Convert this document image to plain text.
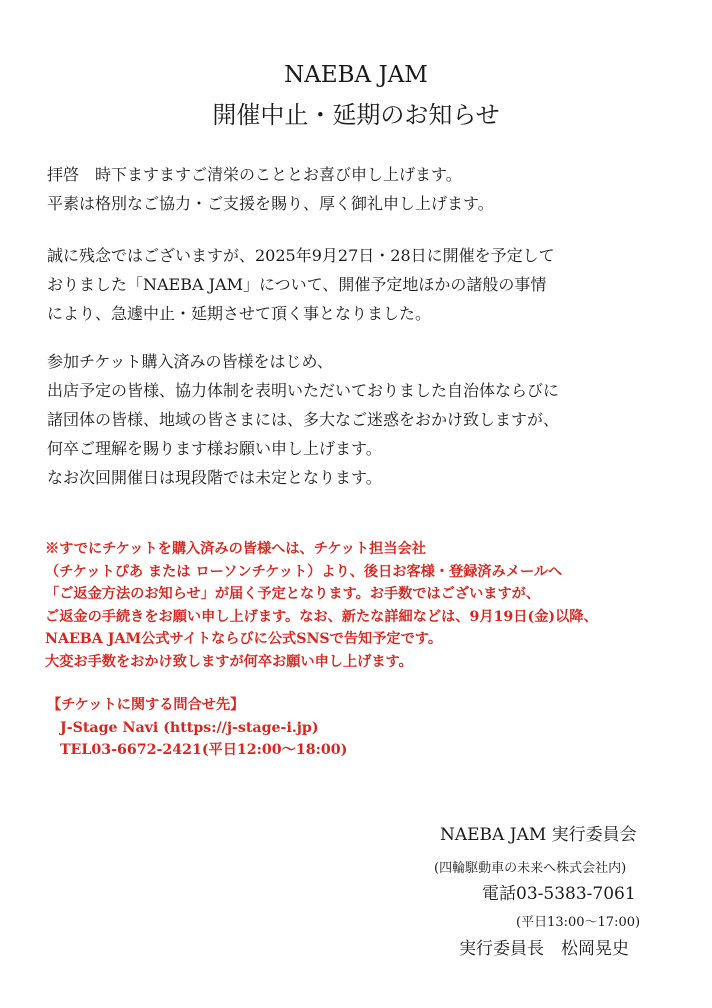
NAEBA JAM
開催中止・延期のお知らせ
拝啓　時下ますますご清栄のこととお喜び申し上げます。
平素は格別なご協力・ご支援を賜り、厚く御礼申し上げます。
誠に残念ではございますが、2025年9月27日・28日に開催を予定して
おりました「NAEBA JAM」について、開催予定地ほかの諸般の事情
により、急遽中止・延期させて頂く事となりました。
参加チケット購入済みの皆様をはじめ、
出店予定の皆様、協力体制を表明いただいておりました自治体ならびに
諸団体の皆様、地域の皆さまには、多大なご迷惑をおかけ致しますが、
何卒ご理解を賜ります様お願い申し上げます。
なお次回開催日は現段階では未定となります。
※すでにチケットを購入済みの皆様へは、チケット担当会社
（チケットぴあ または ローソンチケット）より、後日お客様・登録済みメールへ
「ご返金方法のお知らせ」が届く予定となります。お手数ではございますが、
ご返金の手続きをお願い申し上げます。なお、新たな詳細などは、9月19日(金)以降、
NAEBA JAM公式サイトならびに公式SNSで告知予定です。
大変お手数をおかけ致しますが何卒お願い申し上げます。
【チケットに関する問合せ先】
J-Stage Navi (https://j-stage-i.jp)
TEL03-6672-2421(平日12:00～18:00)
NAEBA JAM 実行委員会
(四輪駆動車の未来へ株式会社内)
電話03-5383-7061
(平日13:00～17:00)
実行委員長　松岡晃史
